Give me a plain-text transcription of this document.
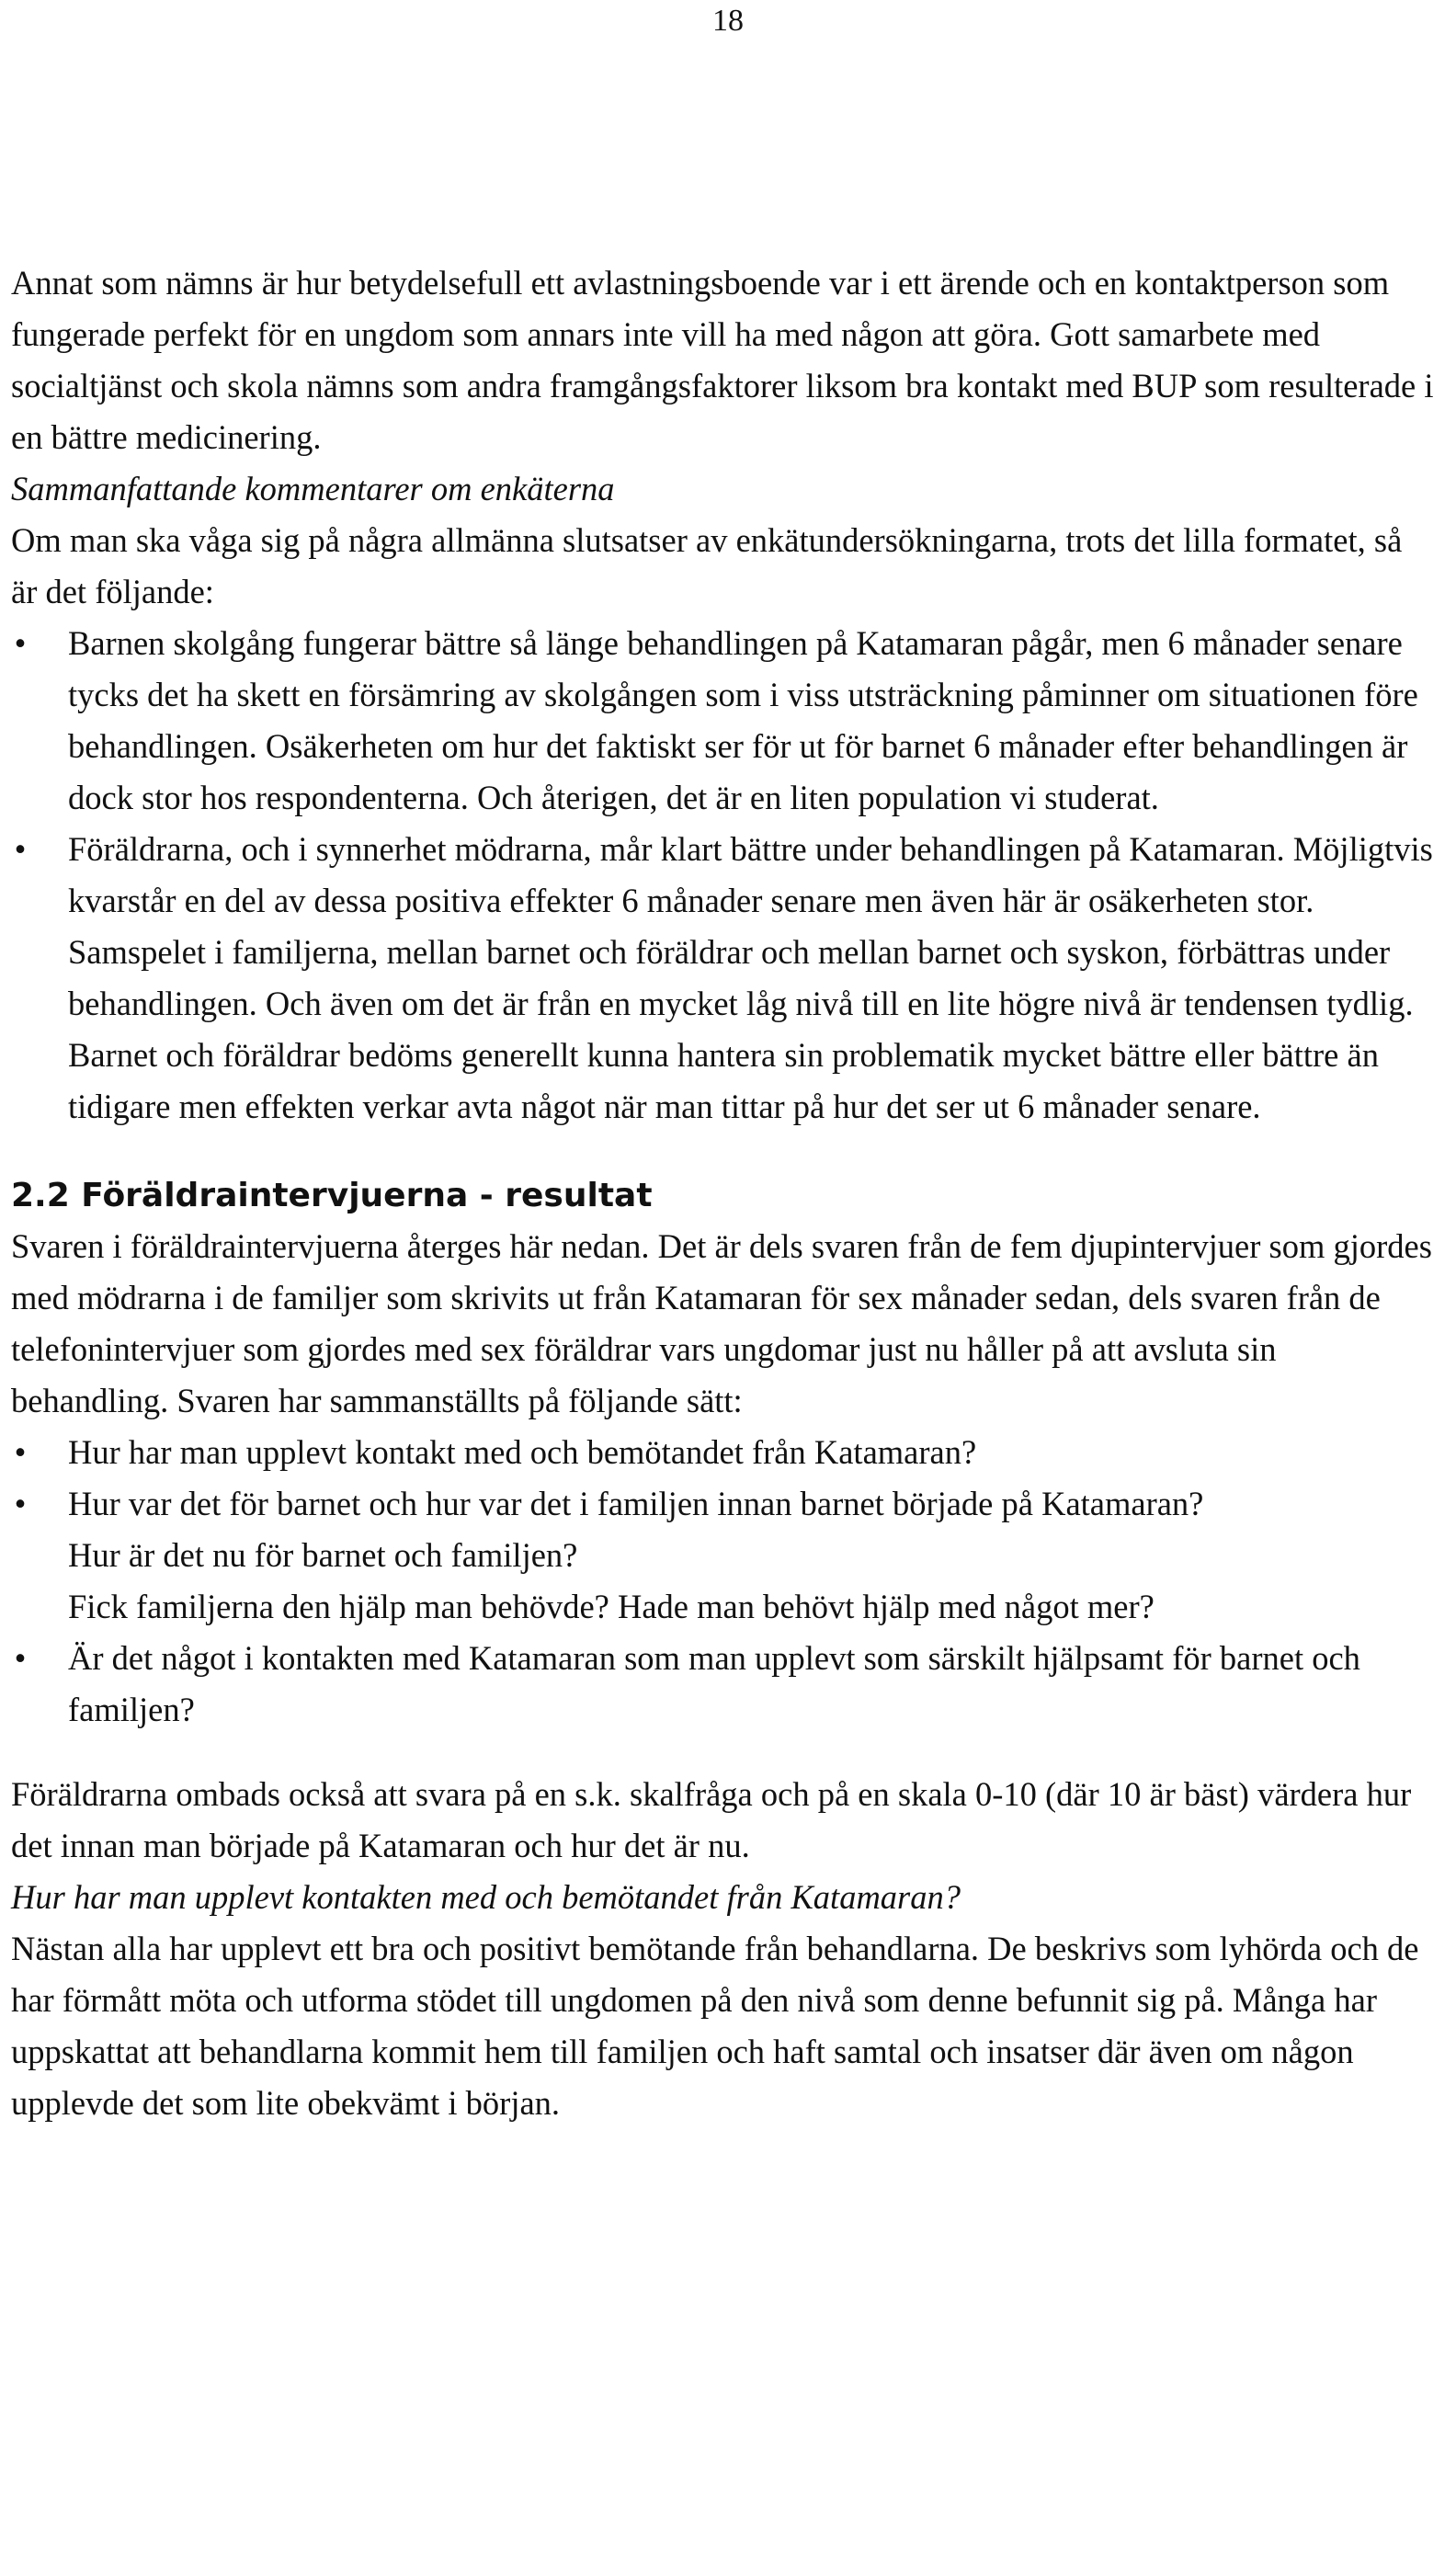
18

Annat som nämns är hur betydelsefull ett avlastningsboende var i ett ärende och en kontaktperson som fungerade perfekt för en ungdom som annars inte vill ha med någon att göra. Gott samarbete med socialtjänst och skola nämns som andra framgångsfaktorer liksom bra kontakt med BUP som resulterade i en bättre medicinering.

Sammanfattande kommentarer om enkäterna

Om man ska våga sig på några allmänna slutsatser av enkätundersökningarna, trots det lilla formatet, så är det följande:

• Barnen skolgång fungerar bättre så länge behandlingen på Katamaran pågår, men 6 månader senare tycks det ha skett en försämring av skolgången som i viss utsträckning påminner om situationen före behandlingen. Osäkerheten om hur det faktiskt ser för ut för barnet 6 månader efter behandlingen är dock stor hos respondenterna. Och återigen, det är en liten population vi studerat.
• Föräldrarna, och i synnerhet mödrarna, mår klart bättre under behandlingen på Katamaran. Möjligtvis kvarstår en del av dessa positiva effekter 6 månader senare men även här är osäkerheten stor.

Samspelet i familjerna, mellan barnet och föräldrar och mellan barnet och syskon, förbättras under behandlingen. Och även om det är från en mycket låg nivå till en lite högre nivå är tendensen tydlig.

Barnet och föräldrar bedöms generellt kunna hantera sin problematik mycket bättre eller bättre än tidigare men effekten verkar avta något när man tittar på hur det ser ut 6 månader senare.

2.2 Föräldraintervjuerna - resultat

Svaren i föräldraintervjuerna återges här nedan. Det är dels svaren från de fem djupintervjuer som gjordes med mödrarna i de familjer som skrivits ut från Katamaran för sex månader sedan, dels svaren från de telefonintervjuer som gjordes med sex föräldrar vars ungdomar just nu håller på att avsluta sin behandling. Svaren har sammanställts på följande sätt:

• Hur har man upplevt kontakt med och bemötandet från Katamaran?
• Hur var det för barnet och hur var det i familjen innan barnet började på Katamaran?

Hur är det nu för barnet och familjen?

Fick familjerna den hjälp man behövde? Hade man behövt hjälp med något mer?

• Är det något i kontakten med Katamaran som man upplevt som särskilt hjälpsamt för barnet och familjen?

Föräldrarna ombads också att svara på en s.k. skalfråga och på en skala 0-10 (där 10 är bäst) värdera hur det innan man började på Katamaran och hur det är nu.

Hur har man upplevt kontakten med och bemötandet från Katamaran?

Nästan alla har upplevt ett bra och positivt bemötande från behandlarna. De beskrivs som lyhörda och de har förmått möta och utforma stödet till ungdomen på den nivå som denne befunnit sig på. Många har uppskattat att behandlarna kommit hem till familjen och haft samtal och insatser där även om någon upplevde det som lite obekvämt i början.
